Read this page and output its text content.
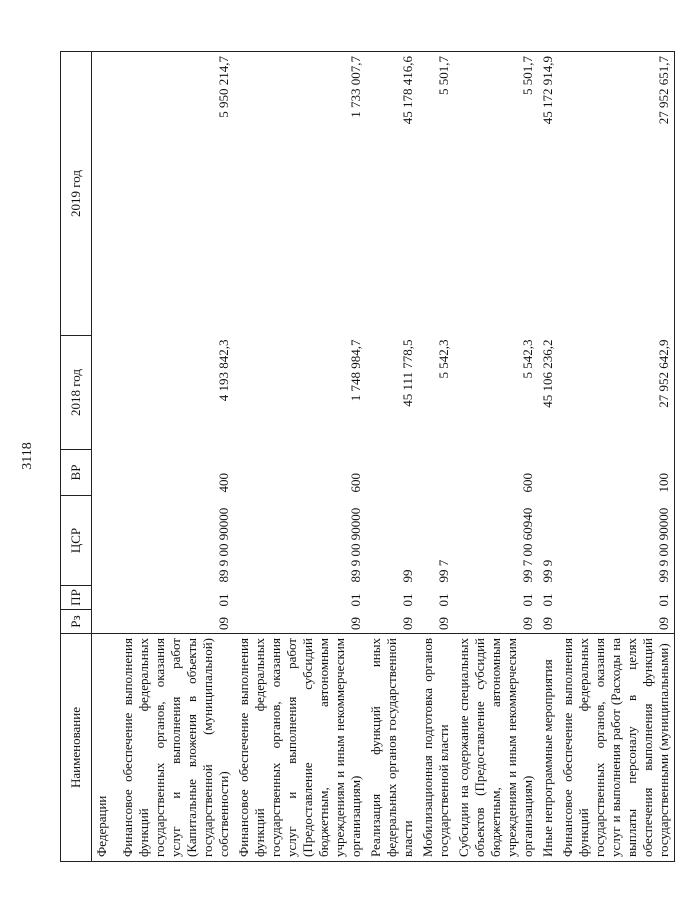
3118
Наименование	Рз	ПР	ЦСР	ВР	2018 год	2019 год
Федерации						
Финансовое обеспечение выполнения функций федеральных государственных органов, оказания услуг и выполнения работ (Капитальные вложения в объекты государственной (муниципальной) собственности)	09	01	89 9 00 90000	400	4 193 842,3	5 950 214,7
Финансовое обеспечение выполнения функций федеральных государственных органов, оказания услуг и выполнения работ (Предоставление субсидий бюджетным, автономным учреждениям и иным некоммерческим организациям)	09	01	89 9 00 90000	600	1 748 984,7	1 733 007,7
Реализация функций иных федеральных органов государственной власти	09	01	99		45 111 778,5	45 178 416,6
Мобилизационная подготовка органов государственной власти	09	01	99 7		5 542,3	5 501,7
Субсидии на содержание специальных объектов (Предоставление субсидий бюджетным, автономным учреждениям и иным некоммерческим организациям)	09	01	99 7 00 60940	600	5 542,3	5 501,7
Иные непрограммные мероприятия	09	01	99 9		45 106 236,2	45 172 914,9
Финансовое обеспечение выполнения функций федеральных государственных органов, оказания услуг и выполнения работ (Расходы на выплаты персоналу в целях обеспечения выполнения функций государственными (муниципальными)	09	01	99 9 00 90000	100	27 952 642,9	27 952 651,7
